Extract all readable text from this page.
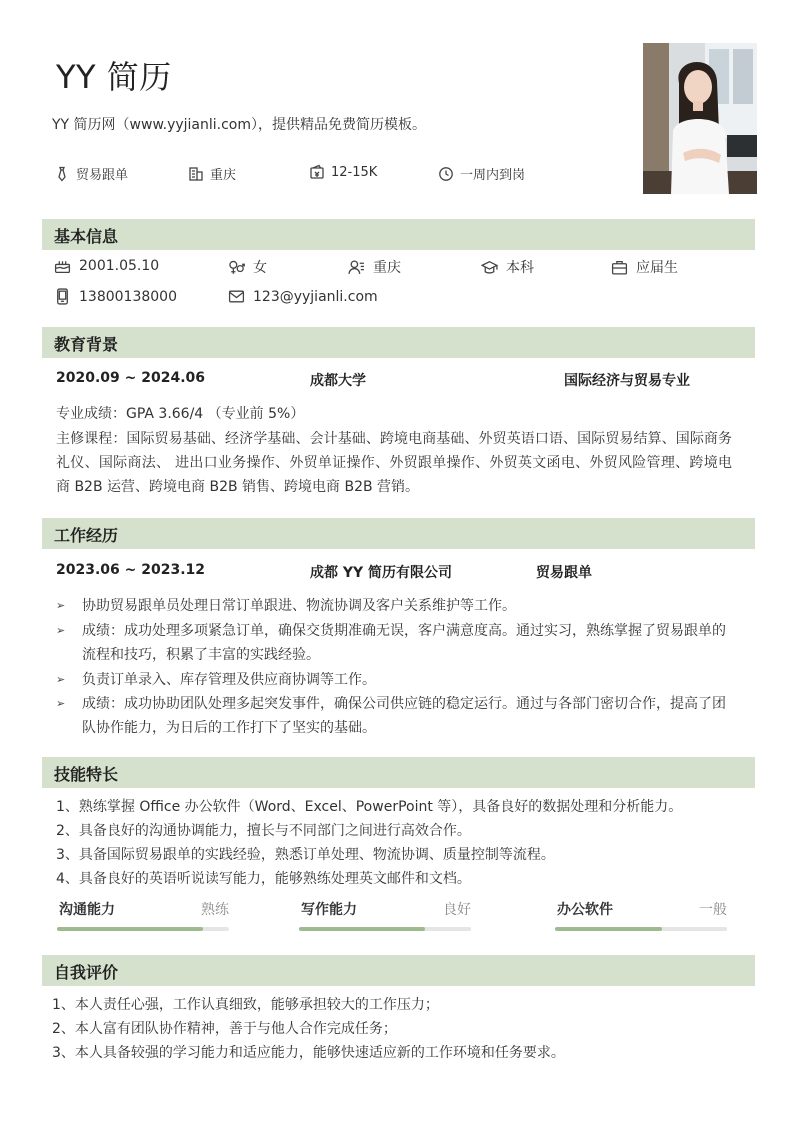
YY 简历
YY 简历网（www.yyjianli.com），提供精品免费简历模板。
贸易跟单	重庆	12-15K	一周内到岗
基本信息
2001.05.10	女	重庆	本科	应届生
13800138000	123@yyjianli.com
教育背景
2020.09 ~ 2024.06	成都大学	国际经济与贸易专业
专业成绩：GPA 3.66/4 （专业前 5%）
主修课程：国际贸易基础、经济学基础、会计基础、跨境电商基础、外贸英语口语、国际贸易结算、国际商务礼仪、国际商法、 进出口业务操作、外贸单证操作、外贸跟单操作、外贸英文函电、外贸风险管理、跨境电商 B2B 运营、跨境电商 B2B 销售、跨境电商 B2B 营销。
工作经历
2023.06 ~ 2023.12	成都 YY 简历有限公司	贸易跟单
➢	协助贸易跟单员处理日常订单跟进、物流协调及客户关系维护等工作。
➢	成绩：成功处理多项紧急订单，确保交货期准确无误，客户满意度高。通过实习，熟练掌握了贸易跟单的流程和技巧，积累了丰富的实践经验。
➢	负责订单录入、库存管理及供应商协调等工作。
➢	成绩：成功协助团队处理多起突发事件，确保公司供应链的稳定运行。通过与各部门密切合作，提高了团队协作能力，为日后的工作打下了坚实的基础。
技能特长
1、熟练掌握 Office 办公软件（Word、Excel、PowerPoint 等），具备良好的数据处理和分析能力。
2、具备良好的沟通协调能力，擅长与不同部门之间进行高效合作。
3、具备国际贸易跟单的实践经验，熟悉订单处理、物流协调、质量控制等流程。
4、具备良好的英语听说读写能力，能够熟练处理英文邮件和文档。
沟通能力	熟练	写作能力	良好	办公软件	一般
自我评价
1、本人责任心强，工作认真细致，能够承担较大的工作压力；
2、本人富有团队协作精神，善于与他人合作完成任务；
3、本人具备较强的学习能力和适应能力，能够快速适应新的工作环境和任务要求。
